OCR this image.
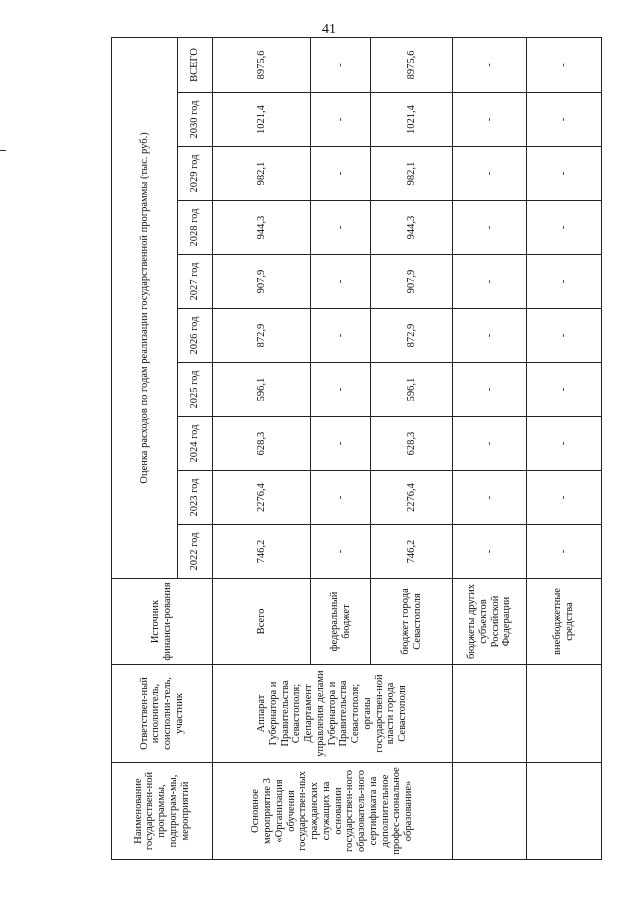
41
Наименование государствен-ной программы, подпрограм-мы, мероприятий	Ответствен-ный исполнитель, соисполни-тель, участник	Источник финанси-рования	Оценка расходов по годам реализации государственной программы (тыс. руб.)									
			2022 год	2023 год	2024 год	2025 год	2026 год	2027 год	2028 год	2029 год	2030 год	ВСЕГО
Основное мероприятие 3 «Организация обучения государствен-ных гражданских служащих на основании государствен-ного образователь-ного сертификата на дополнительное профес-сиональное образование»	Аппарат Губернатора и Правительства Севастополя; Департамент управления делами Губернатора и Правительства Севастополя; органы государствен-ной власти города Севастополя	Всего	746,2	2276,4	628,3	596,1	872,9	907,9	944,3	982,1	1021,4	8975,6
		федеральный бюджет	-	-	-	-	-	-	-	-	-	-
		бюджет города Севастополя	746,2	2276,4	628,3	596,1	872,9	907,9	944,3	982,1	1021,4	8975,6
		бюджеты других субъектов Российской Федерации	-	-	-	-	-	-	-	-	-	-
		внебюджетные средства	-	-	-	-	-	-	-	-	-	-
